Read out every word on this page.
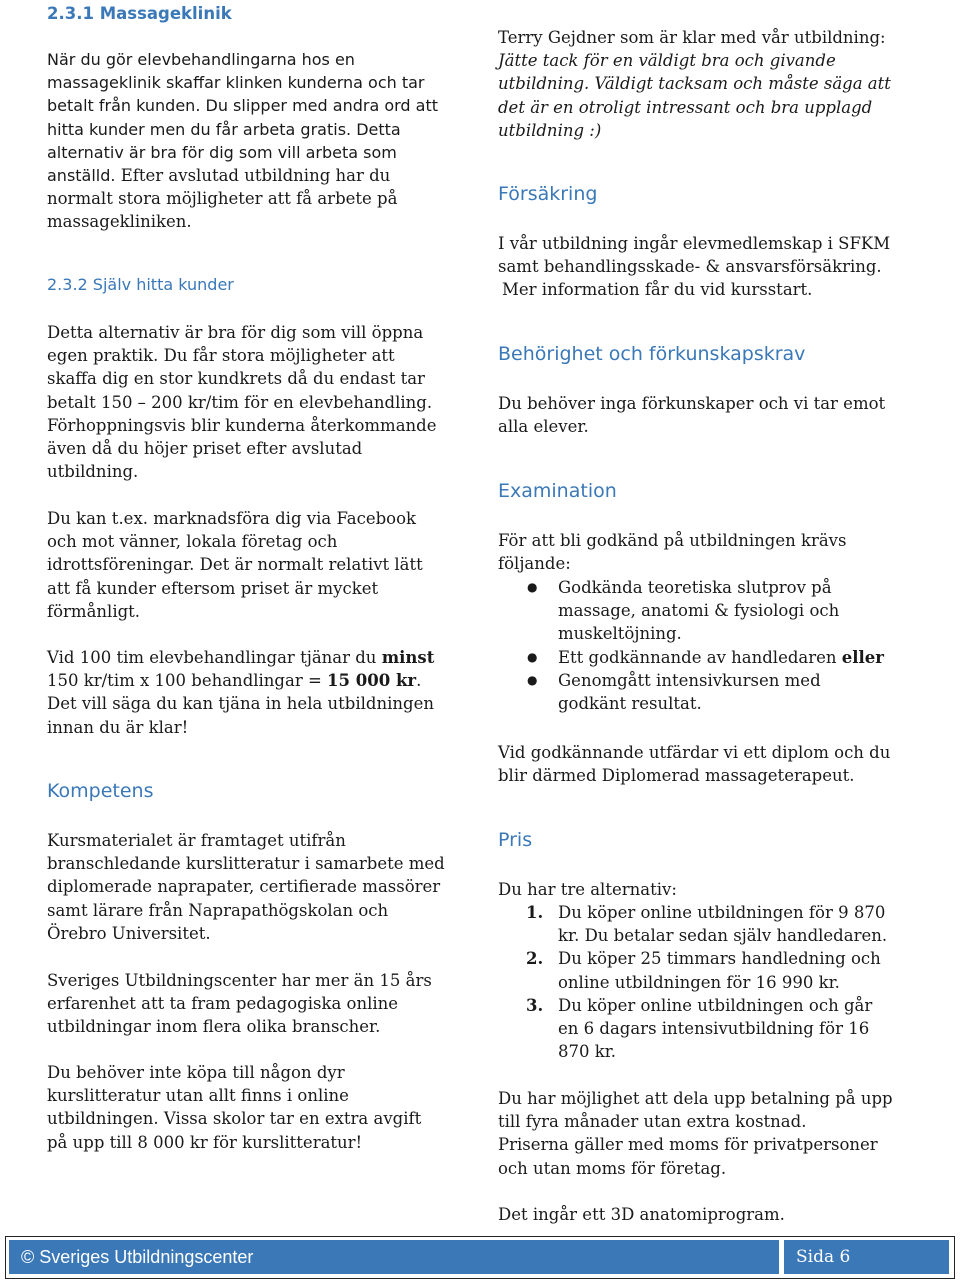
2.3.1 Massageklinik

När du gör elevbehandlingarna hos en massageklinik skaffar klinken kunderna och tar betalt från kunden. Du slipper med andra ord att hitta kunder men du får arbeta gratis. Detta alternativ är bra för dig som vill arbeta som anställd. Efter avslutad utbildning har du normalt stora möjligheter att få arbete på massagekliniken.

2.3.2 Själv hitta kunder

Detta alternativ är bra för dig som vill öppna egen praktik. Du får stora möjligheter att skaffa dig en stor kundkrets då du endast tar betalt 150 – 200 kr/tim för en elevbehandling. Förhoppningsvis blir kunderna återkommande även då du höjer priset efter avslutad utbildning.

Du kan t.ex. marknadsföra dig via Facebook och mot vänner, lokala företag och idrottsföreningar. Det är normalt relativt lätt att få kunder eftersom priset är mycket förmånligt.

Vid 100 tim elevbehandlingar tjänar du minst 150 kr/tim x 100 behandlingar = 15 000 kr. Det vill säga du kan tjäna in hela utbildningen innan du är klar!

Kompetens

Kursmaterialet är framtaget utifrån branschledande kurslitteratur i samarbete med diplomerade naprapater, certifierade massörer samt lärare från Naprapathögskolan och Örebro Universitet.

Sveriges Utbildningscenter har mer än 15 års erfarenhet att ta fram pedagogiska online utbildningar inom flera olika branscher.

Du behöver inte köpa till någon dyr kurslitteratur utan allt finns i online utbildningen. Vissa skolor tar en extra avgift på upp till 8 000 kr för kurslitteratur!

Terry Gejdner som är klar med vår utbildning:
Jätte tack för en väldigt bra och givande utbildning. Väldigt tacksam och måste säga att det är en otroligt intressant och bra upplagd utbildning :)

Försäkring

I vår utbildning ingår elevmedlemskap i SFKM samt behandlingsskade- & ansvarsförsäkring.
Mer information får du vid kursstart.

Behörighet och förkunskapskrav

Du behöver inga förkunskaper och vi tar emot alla elever.

Examination

För att bli godkänd på utbildningen krävs följande:

● Godkända teoretiska slutprov på massage, anatomi & fysiologi och muskeltöjning.
● Ett godkännande av handledaren eller
● Genomgått intensivkursen med godkänt resultat.

Vid godkännande utfärdar vi ett diplom och du blir därmed Diplomerad massageterapeut.

Pris

Du har tre alternativ:

1. Du köper online utbildningen för 9 870 kr. Du betalar sedan själv handledaren.
2. Du köper 25 timmars handledning och online utbildningen för 16 990 kr.
3. Du köper online utbildningen och går en 6 dagars intensivutbildning för 16 870 kr.

Du har möjlighet att dela upp betalning på upp till fyra månader utan extra kostnad.
Priserna gäller med moms för privatpersoner och utan moms för företag.

Det ingår ett 3D anatomiprogram.

© Sveriges Utbildningscenter	Sida 6
